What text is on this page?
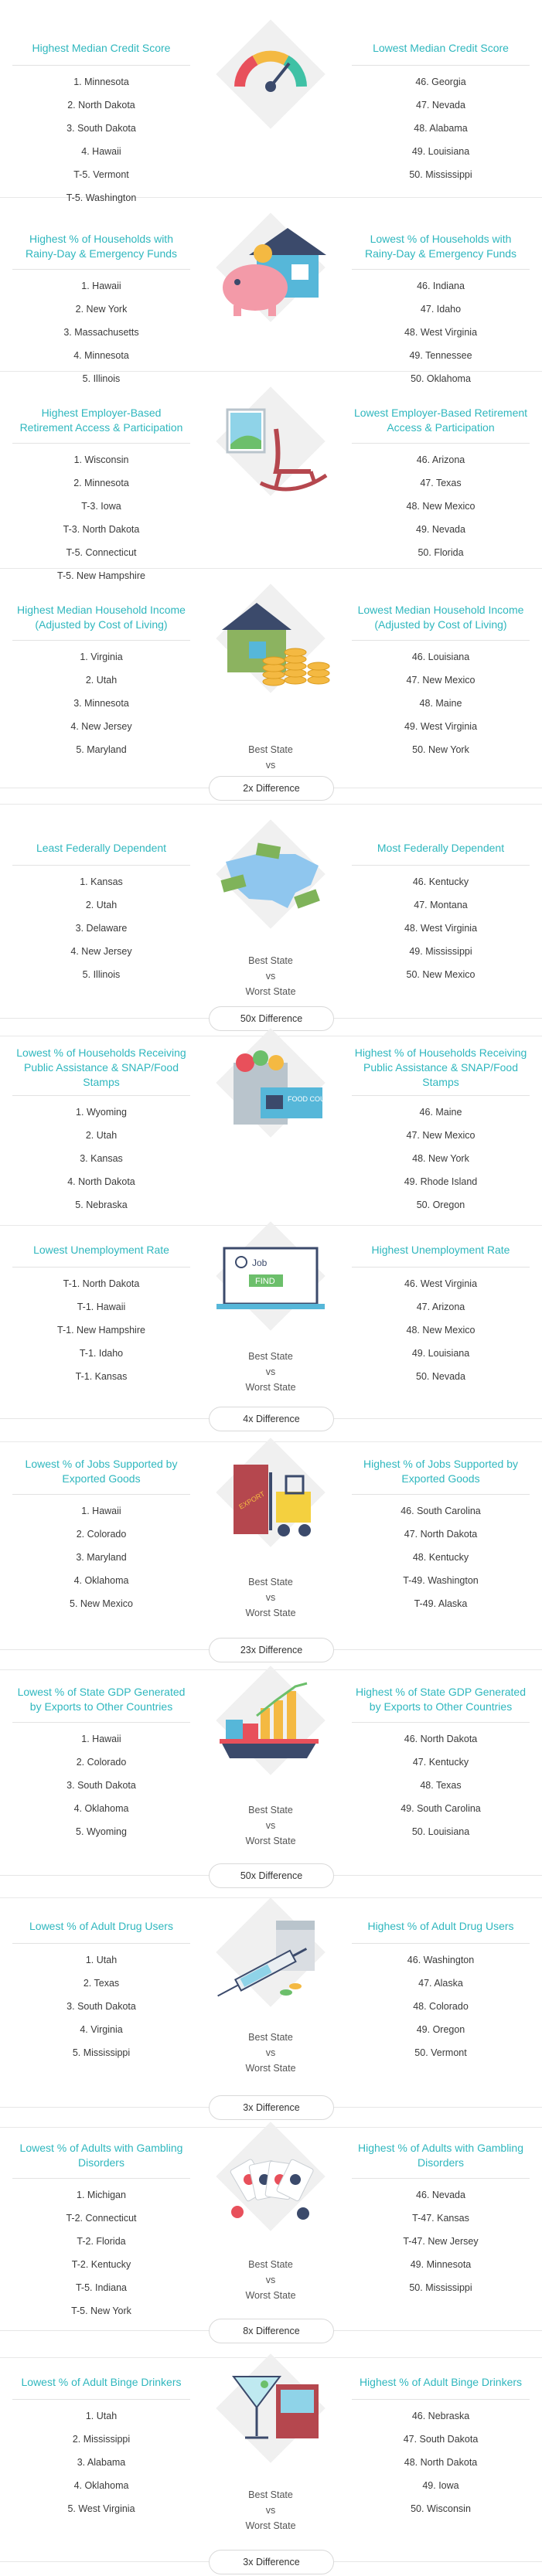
Highest Median Credit Score
1. Minnesota
2. North Dakota
3. South Dakota
4. Hawaii
T-5. Vermont
T-5. Washington
Lowest Median Credit Score
46. Georgia
47. Nevada
48. Alabama
49. Louisiana
50. Mississippi
Highest % of Households with Rainy-Day & Emergency Funds
1. Hawaii
2. New York
3. Massachusetts
4. Minnesota
5. Illinois
Lowest % of Households with Rainy-Day & Emergency Funds
46. Indiana
47. Idaho
48. West Virginia
49. Tennessee
50. Oklahoma
Highest Employer-Based Retirement Access & Participation
1. Wisconsin
2. Minnesota
T-3. Iowa
T-3. North Dakota
T-5. Connecticut
T-5. New Hampshire
Lowest Employer-Based Retirement Access & Participation
46. Arizona
47. Texas
48. New Mexico
49. Nevada
50. Florida
Highest Median Household Income (Adjusted by Cost of Living)
1. Virginia
2. Utah
3. Minnesota
4. New Jersey
5. Maryland
Lowest Median Household Income (Adjusted by Cost of Living)
46. Louisiana
47. New Mexico
48. Maine
49. West Virginia
50. New York
Best State
vs
2x Difference
Least Federally Dependent
1. Kansas
2. Utah
3. Delaware
4. New Jersey
5. Illinois
Most Federally Dependent
46. Kentucky
47. Montana
48. West Virginia
49. Mississippi
50. New Mexico
Best State
vs
Worst State
50x Difference
Lowest % of Households Receiving Public Assistance & SNAP/Food Stamps
1. Wyoming
2. Utah
3. Kansas
4. North Dakota
5. Nebraska
Highest % of Households Receiving Public Assistance & SNAP/Food Stamps
46. Maine
47. New Mexico
48. New York
49. Rhode Island
50. Oregon
FOOD COUPON
Lowest Unemployment Rate
T-1. North Dakota
T-1. Hawaii
T-1. New Hampshire
T-1. Idaho
T-1. Kansas
Highest Unemployment Rate
46. West Virginia
47. Arizona
48. New Mexico
49. Louisiana
50. Nevada
Job
FIND
Best State
vs
Worst State
4x Difference
Lowest % of Jobs Supported by Exported Goods
1. Hawaii
2. Colorado
3. Maryland
4. Oklahoma
5. New Mexico
Highest % of Jobs Supported by Exported Goods
46. South Carolina
47. North Dakota
48. Kentucky
T-49. Washington
T-49. Alaska
EXPORT
Best State
vs
Worst State
23x Difference
Lowest % of State GDP Generated by Exports to Other Countries
1. Hawaii
2. Colorado
3. South Dakota
4. Oklahoma
5. Wyoming
Highest % of State GDP Generated by Exports to Other Countries
46. North Dakota
47. Kentucky
48. Texas
49. South Carolina
50. Louisiana
Best State
vs
Worst State
50x Difference
Lowest % of Adult Drug Users
1. Utah
2. Texas
3. South Dakota
4. Virginia
5. Mississippi
Highest % of Adult Drug Users
46. Washington
47. Alaska
48. Colorado
49. Oregon
50. Vermont
Best State
vs
Worst State
3x Difference
Lowest % of Adults with Gambling Disorders
1. Michigan
T-2. Connecticut
T-2. Florida
T-2. Kentucky
T-5. Indiana
T-5. New York
Highest % of Adults with Gambling Disorders
46. Nevada
T-47. Kansas
T-47. New Jersey
49. Minnesota
50. Mississippi
Best State
vs
Worst State
8x Difference
Lowest % of Adult Binge Drinkers
1. Utah
2. Mississippi
3. Alabama
4. Oklahoma
5. West Virginia
Highest % of Adult Binge Drinkers
46. Nebraska
47. South Dakota
48. North Dakota
49. Iowa
50. Wisconsin
Best State
vs
Worst State
3x Difference
